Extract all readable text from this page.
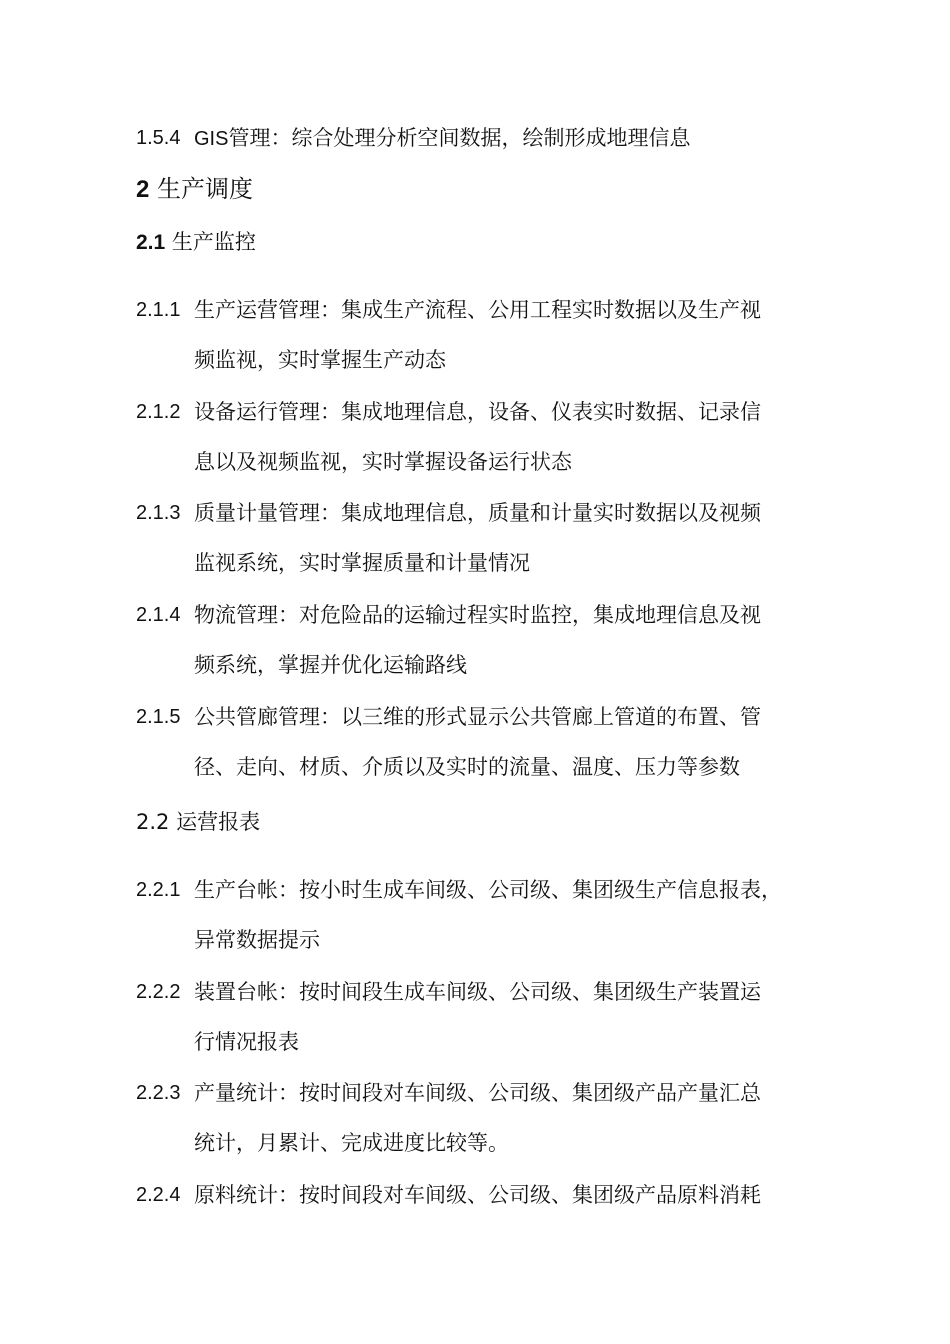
1.5.4 GIS管理：综合处理分析空间数据，绘制形成地理信息
2 生产调度
2.1 生产监控
2.1.1 生产运营管理：集成生产流程、公用工程实时数据以及生产视
频监视，实时掌握生产动态
2.1.2 设备运行管理：集成地理信息，设备、仪表实时数据、记录信
息以及视频监视，实时掌握设备运行状态
2.1.3 质量计量管理：集成地理信息，质量和计量实时数据以及视频
监视系统，实时掌握质量和计量情况
2.1.4 物流管理：对危险品的运输过程实时监控，集成地理信息及视
频系统，掌握并优化运输路线
2.1.5 公共管廊管理：以三维的形式显示公共管廊上管道的布置、管
径、走向、材质、介质以及实时的流量、温度、压力等参数
2.2 运营报表
2.2.1 生产台帐：按小时生成车间级、公司级、集团级生产信息报表，
异常数据提示
2.2.2 装置台帐：按时间段生成车间级、公司级、集团级生产装置运
行情况报表
2.2.3 产量统计：按时间段对车间级、公司级、集团级产品产量汇总
统计，月累计、完成进度比较等。
2.2.4 原料统计：按时间段对车间级、公司级、集团级产品原料消耗
